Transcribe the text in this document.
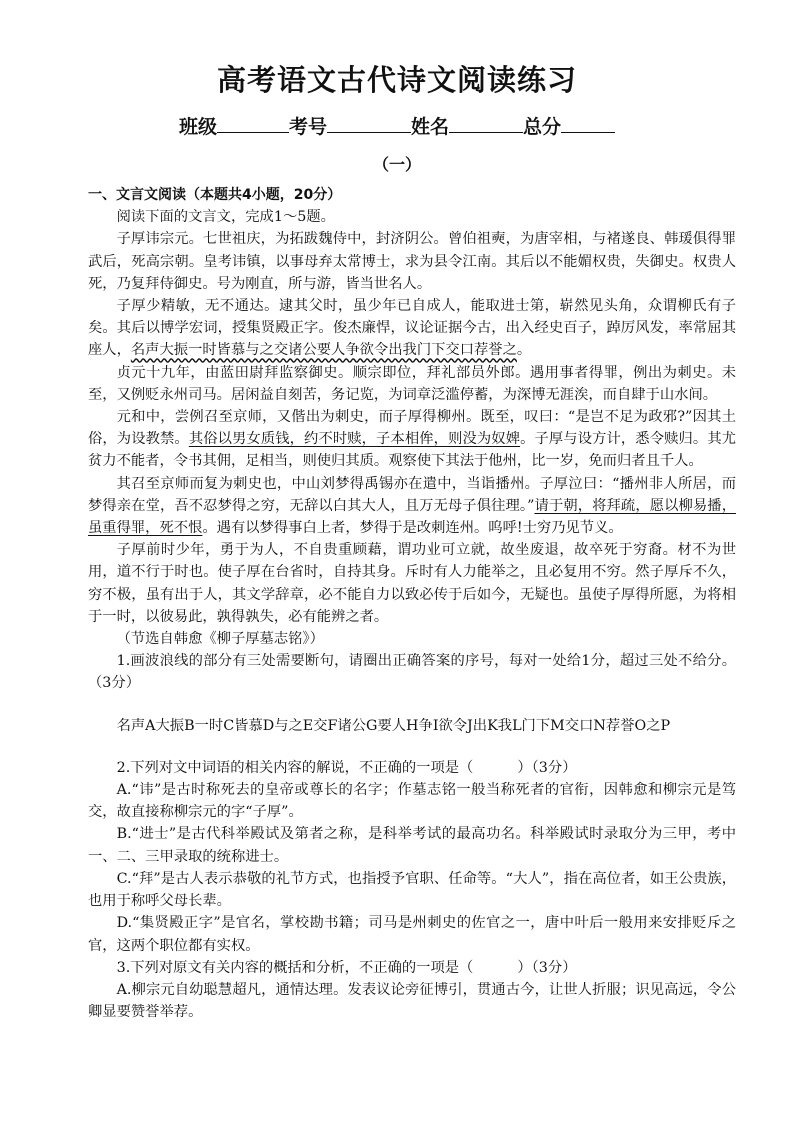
高考语文古代诗文阅读练习
班级	考号	姓名	总分
（一）

一、文言文阅读（本题共4小题，20分）

阅读下面的文言文，完成1～5题。

子厚讳宗元。七世祖庆，为拓跋魏侍中，封济阴公。曾伯祖奭，为唐宰相，与褚遂良、韩瑗俱得罪武后，死高宗朝。皇考讳镇，以事母弃太常博士，求为县令江南。其后以不能媚权贵，失御史。权贵人死，乃复拜侍御史。号为刚直，所与游，皆当世名人。

子厚少精敏，无不通达。逮其父时，虽少年已自成人，能取进士第，崭然见头角，众谓柳氏有子矣。其后以博学宏词，授集贤殿正字。俊杰廉悍，议论证据今古，出入经史百子，踔厉风发，率常屈其座人，名声大振一时皆慕与之交诸公要人争欲令出我门下交口荐誉之。

贞元十九年，由蓝田尉拜监察御史。顺宗即位，拜礼部员外郎。遇用事者得罪，例出为刺史。未至，又例贬永州司马。居闲益自刻苦，务记览，为词章泛滥停蓄，为深博无涯涘，而自肆于山水间。

元和中，尝例召至京师，又偕出为刺史，而子厚得柳州。既至，叹曰：“是岂不足为政邪?”因其土俗，为设教禁。其俗以男女质钱，约不时赎，子本相侔，则没为奴婢。子厚与设方计，悉令赎归。其尤贫力不能者，令书其佣，足相当，则使归其质。观察使下其法于他州，比一岁，免而归者且千人。

其召至京师而复为刺史也，中山刘梦得禹锡亦在遣中，当诣播州。子厚泣曰：“播州非人所居，而梦得亲在堂，吾不忍梦得之穷，无辞以白其大人，且万无母子俱往理。”请于朝，将拜疏，愿以柳易播，虽重得罪，死不恨。遇有以梦得事白上者，梦得于是改刺连州。呜呼!士穷乃见节义。

子厚前时少年，勇于为人，不自贵重顾藉，谓功业可立就，故坐废退，故卒死于穷裔。材不为世用，道不行于时也。使子厚在台省时，自持其身。斥时有人力能举之，且必复用不穷。然子厚斥不久，穷不极，虽有出于人，其文学辞章，必不能自力以致必传于后如今，无疑也。虽使子厚得所愿，为将相于一时，以彼易此，孰得孰失，必有能辨之者。

（节选自韩愈《柳子厚墓志铭》）

1.画波浪线的部分有三处需要断句，请圈出正确答案的序号，每对一处给1分，超过三处不给分。（3分）

名声A大振B一时C皆慕D与之E交F诸公G要人H争I欲令J出K我L门下M交口N荐誉O之P

2.下列对文中词语的相关内容的解说，不正确的一项是（	）（3分）

A.“讳”是古时称死去的皇帝或尊长的名字；作墓志铭一般当称死者的官衔，因韩愈和柳宗元是笃交，故直接称柳宗元的字“子厚”。

B.“进士”是古代科举殿试及第者之称，是科举考试的最高功名。科举殿试时录取分为三甲，考中一、二、三甲录取的统称进士。

C.“拜”是古人表示恭敬的礼节方式，也指授予官职、任命等。“大人”，指在高位者，如王公贵族，也用于称呼父母长辈。

D.“集贤殿正字”是官名，掌校勘书籍；司马是州刺史的佐官之一，唐中叶后一般用来安排贬斥之官，这两个职位都有实权。

3.下列对原文有关内容的概括和分析，不正确的一项是（	）（3分）

A.柳宗元自幼聪慧超凡，通情达理。发表议论旁征博引，贯通古今，让世人折服；识见高远，令公卿显要赞誉举荐。
